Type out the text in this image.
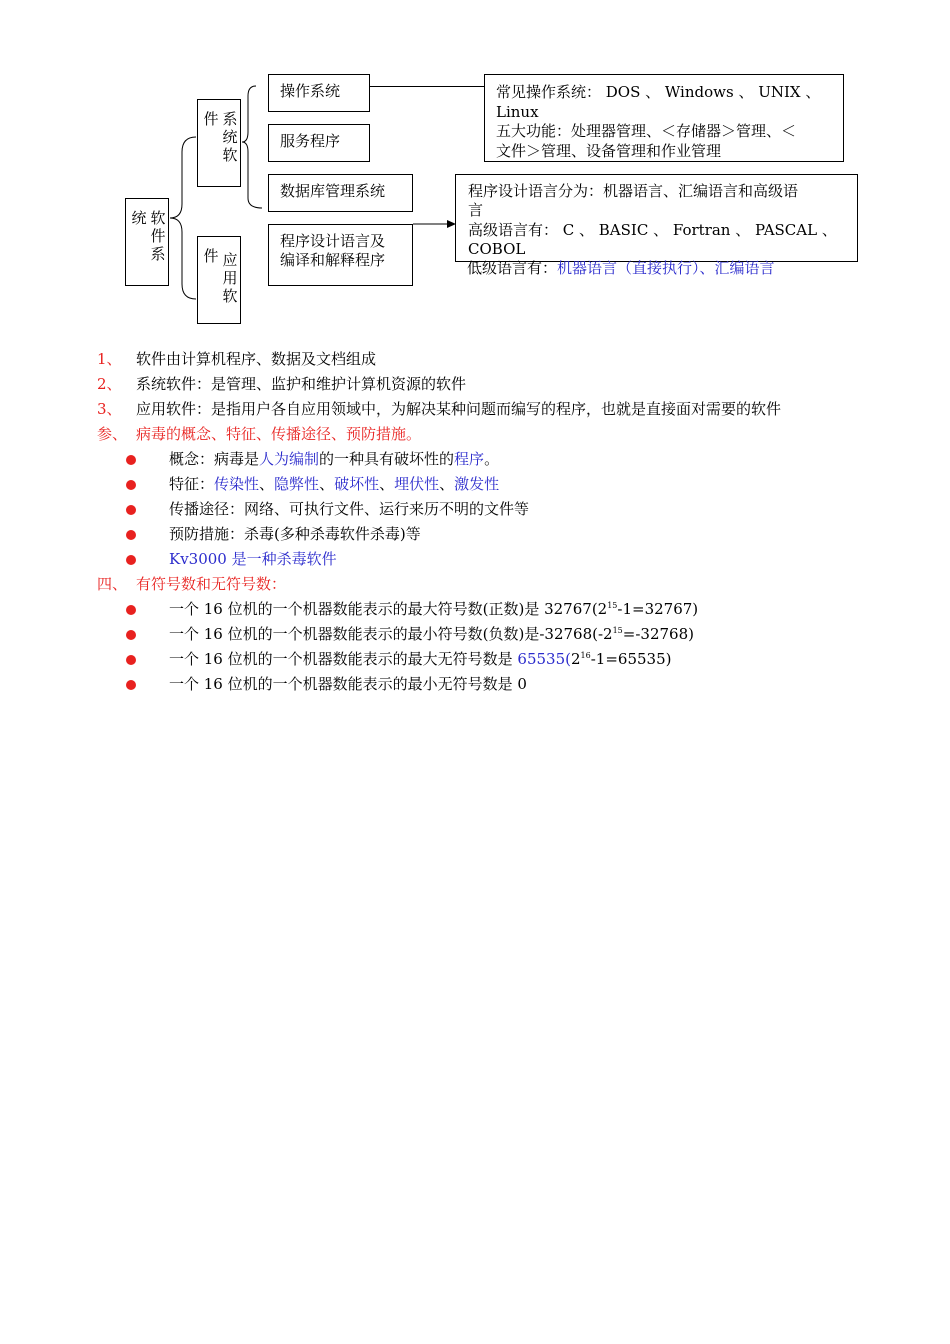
统 软件系
件 系统软
件 应用软
操作系统
服务程序
数据库管理系统
程序设计语言及
编译和解释程序
常见操作系统： DOS 、 Windows 、 UNIX 、
Linux
五大功能：处理器管理、＜存储器＞管理、＜
文件＞管理、设备管理和作业管理
程序设计语言分为：机器语言、汇编语言和高级语
言
高级语言有： C 、 BASIC 、 Fortran 、 PASCAL 、
COBOL
低级语言有：机器语言（直接执行）、汇编语言
1、 软件由计算机程序、数据及文档组成
2、 系统软件：是管理、监护和维护计算机资源的软件
3、 应用软件：是指用户各自应用领域中，为解决某种问题而编写的程序，也就是直接面对需要的软件
参、 病毒的概念、特征、传播途径、预防措施。
概念：病毒是人为编制的一种具有破坏性的程序。
特征：传染性、隐弊性、破坏性、埋伏性、激发性
传播途径：网络、可执行文件、运行来历不明的文件等
预防措施：杀毒(多种杀毒软件杀毒)等
Kv3000 是一种杀毒软件
四、 有符号数和无符号数：
一个 16 位机的一个机器数能表示的最大符号数(正数)是 $32767(2^{15}-1=32767)$
一个 16 位机的一个机器数能表示的最小符号数(负数)是$-32768(-2^{15}=-32768)$
一个 16 位机的一个机器数能表示的最大无符号数是 $65535(2^{16}-1=65535)$
一个 16 位机的一个机器数能表示的最小无符号数是 0
